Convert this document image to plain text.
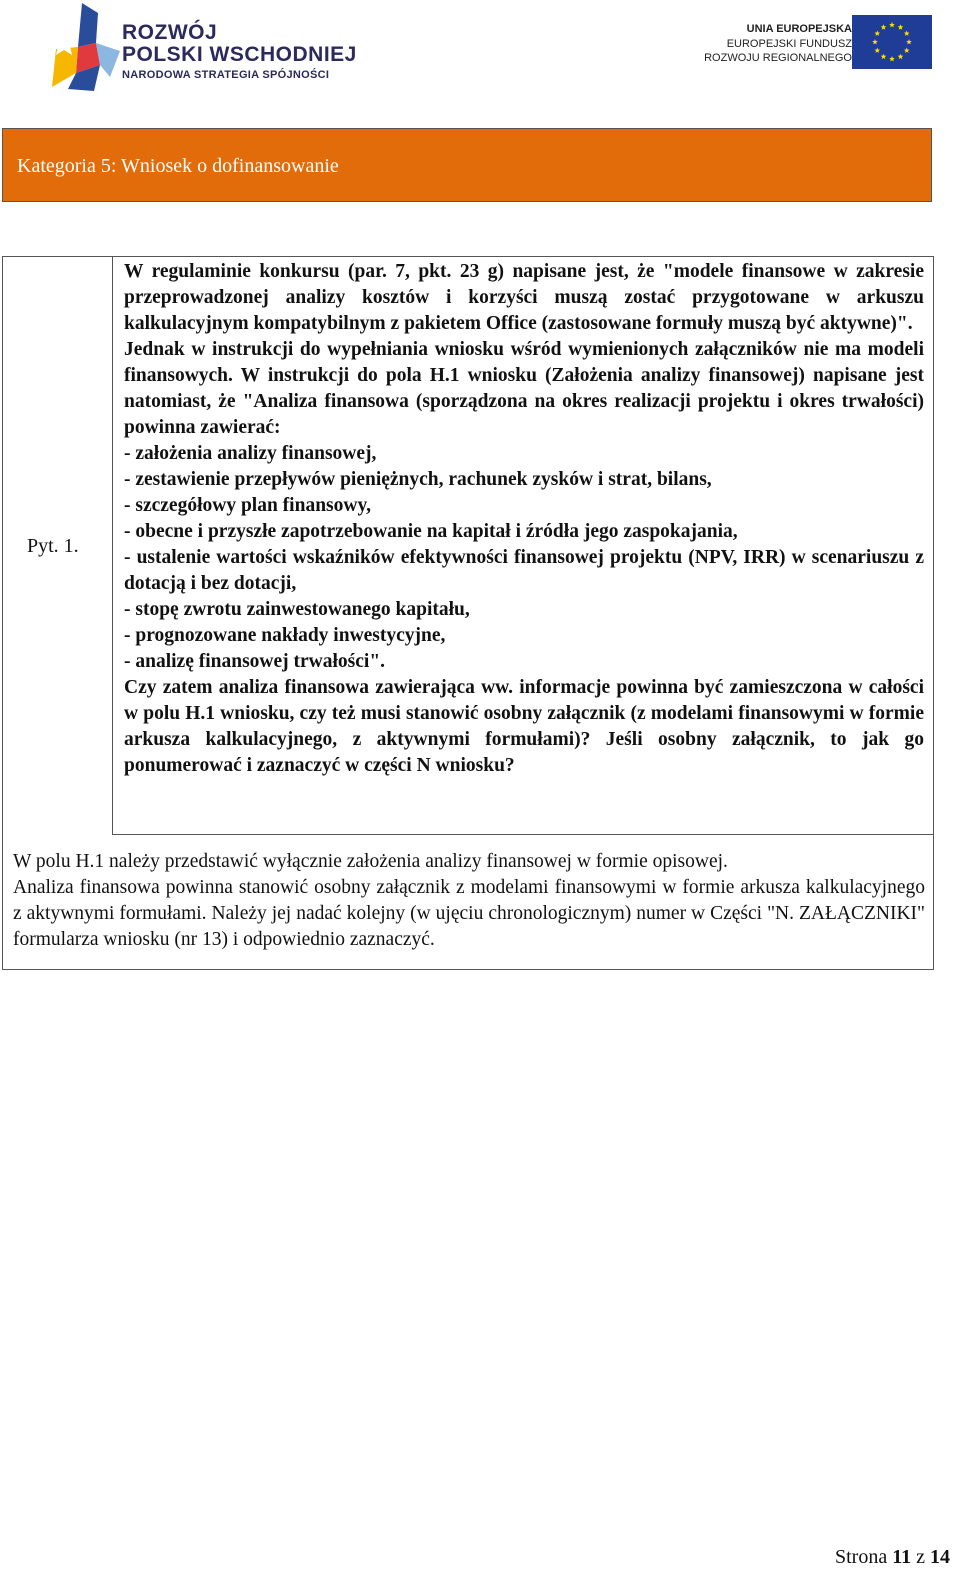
ROZWÓJ
POLSKI WSCHODNIEJ
NARODOWA STRATEGIA SPÓJNOŚCI
UNIA EUROPEJSKA
EUROPEJSKI FUNDUSZ
ROZWOJU REGIONALNEGO
Kategoria 5: Wniosek o dofinansowanie
Pyt. 1.

W regulaminie konkursu (par. 7, pkt. 23 g) napisane jest, że "modele finansowe w zakresie przeprowadzonej analizy kosztów i korzyści muszą zostać przygotowane w arkuszu kalkulacyjnym kompatybilnym z pakietem Office (zastosowane formuły muszą być aktywne)".

Jednak w instrukcji do wypełniania wniosku wśród wymienionych załączników nie ma modeli finansowych. W instrukcji do pola H.1 wniosku (Założenia analizy finansowej) napisane jest natomiast, że "Analiza finansowa (sporządzona na okres realizacji projektu i okres trwałości) powinna zawierać:

- założenia analizy finansowej,

- zestawienie przepływów pieniężnych, rachunek zysków i strat, bilans,

- szczegółowy plan finansowy,

- obecne i przyszłe zapotrzebowanie na kapitał i źródła jego zaspokajania,

- ustalenie wartości wskaźników efektywności finansowej projektu (NPV, IRR) w scenariuszu z dotacją i bez dotacji,

- stopę zwrotu zainwestowanego kapitału,

- prognozowane nakłady inwestycyjne,

- analizę finansowej trwałości".

Czy zatem analiza finansowa zawierająca ww. informacje powinna być zamieszczona w całości w polu H.1 wniosku, czy też musi stanowić osobny załącznik (z modelami finansowymi w formie arkusza kalkulacyjnego, z aktywnymi formułami)? Jeśli osobny załącznik, to jak go ponumerować i zaznaczyć w części N wniosku?

W polu H.1 należy przedstawić wyłącznie założenia analizy finansowej w formie opisowej.

Analiza finansowa powinna stanowić osobny załącznik z modelami finansowymi w formie arkusza kalkulacyjnego z aktywnymi formułami. Należy jej nadać kolejny (w ujęciu chronologicznym) numer w Części "N. ZAŁĄCZNIKI" formularza wniosku (nr 13) i odpowiednio zaznaczyć.

Strona 11 z 14
